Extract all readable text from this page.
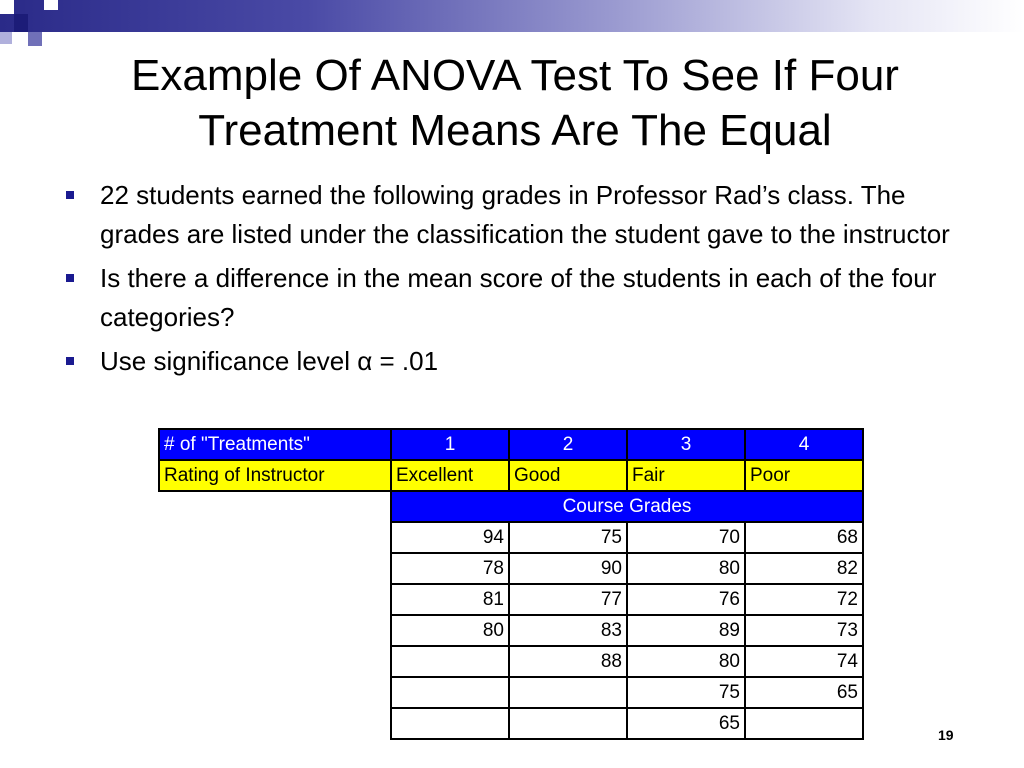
Example Of ANOVA Test To See If Four Treatment Means Are The Equal
22 students earned the following grades in Professor Rad’s class. The grades are listed under the classification the student gave to the instructor
Is there a difference in the mean score of the students in each of the four categories?
Use significance level α = .01
# of "Treatments"	1	2	3	4
Rating of Instructor	Excellent	Good	Fair	Poor
	Course Grades			
	94	75	70	68
	78	90	80	82
	81	77	76	72
	80	83	89	73
		88	80	74
			75	65
			65	
19
